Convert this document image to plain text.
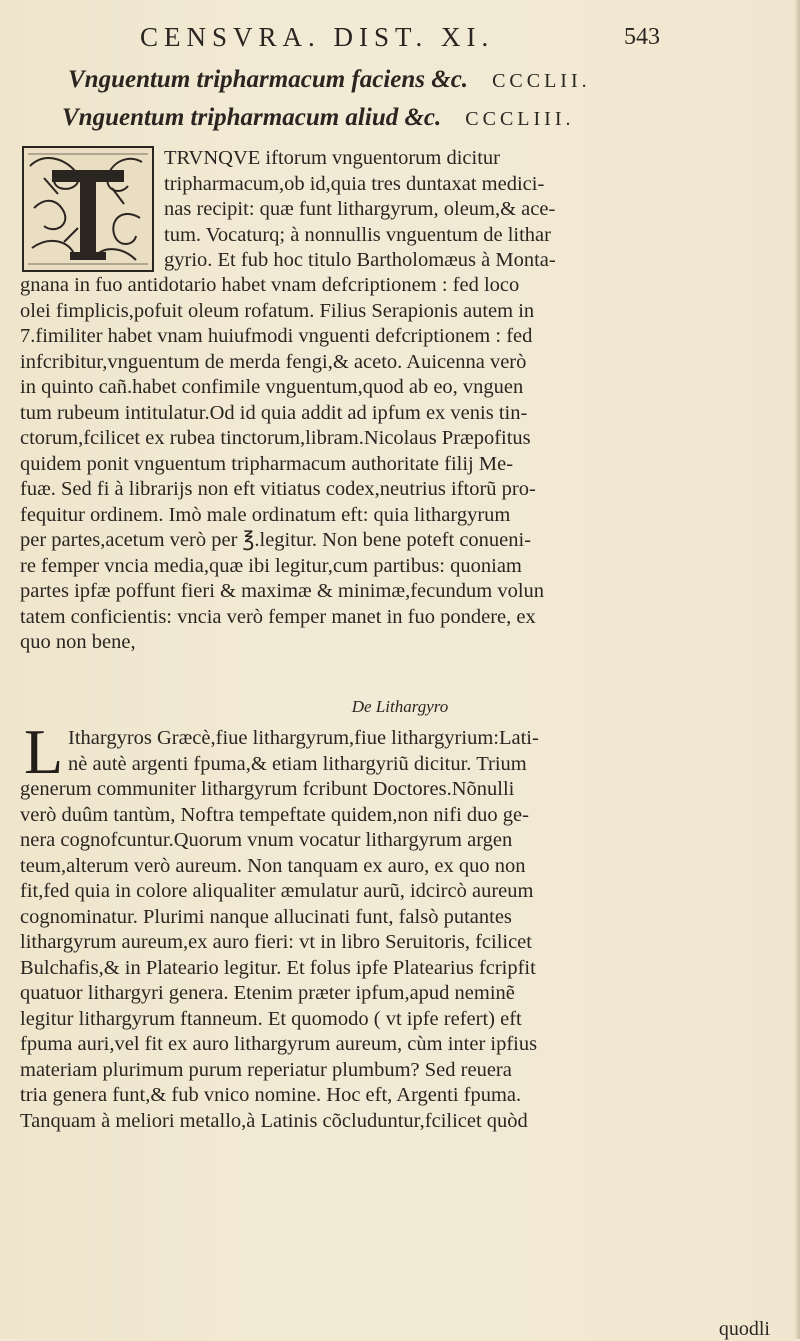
CENSVRA. DIST. XI.	543
Vnguentum tripharmacum faciens &c. CCCLII.
Vnguentum tripharmacum aliud &c. CCCLIII.
TRVNQVE iftorum vnguentorum dicitur
tripharmacum,ob id,quia tres duntaxat medici-
nas recipit: quæ funt lithargyrum, oleum,& ace-
tum. Vocaturq; à nonnullis vnguentum de lithar
gyrio. Et fub hoc titulo Bartholomæus à Monta-
gnana in fuo antidotario habet vnam defcriptionem : fed loco
olei fimplicis,pofuit oleum rofatum. Filius Serapionis autem in
7.fimiliter habet vnam huiufmodi vnguenti defcriptionem : fed
infcribitur,vnguentum de merda fengi,& aceto. Auicenna verò
in quinto cañ.habet confimile vnguentum,quod ab eo, vnguen
tum rubeum intitulatur.Od id quia addit ad ipfum ex venis tin-
ctorum,fcilicet ex rubea tinctorum,libram.Nicolaus Præpofitus
quidem ponit vnguentum tripharmacum authoritate filij Me-
fuæ. Sed fi à librarijs non eft vitiatus codex,neutrius iftorũ pro-
fequitur ordinem. Imò male ordinatum eft: quia lithargyrum
per partes,acetum verò per ℥.legitur. Non bene poteft conueni-
re femper vncia media,quæ ibi legitur,cum partibus: quoniam
partes ipfæ poffunt fieri & maximæ & minimæ,fecundum volun
tatem conficientis: vncia verò femper manet in fuo pondere, ex
quo non bene,
De Lithargyro
L Ithargyros Græcè,fiue lithargyrum,fiue lithargyrium:Lati-
nè autè argenti fpuma,& etiam lithargyriũ dicitur. Trium
generum communiter lithargyrum fcribunt Doctores.Nõnulli
verò duûm tantùm, Noftra tempeftate quidem,non nifi duo ge-
nera cognofcuntur.Quorum vnum vocatur lithargyrum argen
teum,alterum verò aureum. Non tanquam ex auro, ex quo non
fit,fed quia in colore aliqualiter æmulatur aurũ, idcircò aureum
cognominatur. Plurimi nanque allucinati funt, falsò putantes
lithargyrum aureum,ex auro fieri: vt in libro Seruitoris, fcilicet
Bulchafis,& in Plateario legitur. Et folus ipfe Platearius fcripfit
quatuor lithargyri genera. Etenim præter ipfum,apud neminẽ
legitur lithargyrum ftanneum. Et quomodo ( vt ipfe refert) eft
fpuma auri,vel fit ex auro lithargyrum aureum, cùm inter ipfius
materiam plurimum purum reperiatur plumbum? Sed reuera
tria genera funt,& fub vnico nomine. Hoc eft, Argenti fpuma.
Tanquam à meliori metallo,à Latinis cõcluduntur,fcilicet quòd
quodli
